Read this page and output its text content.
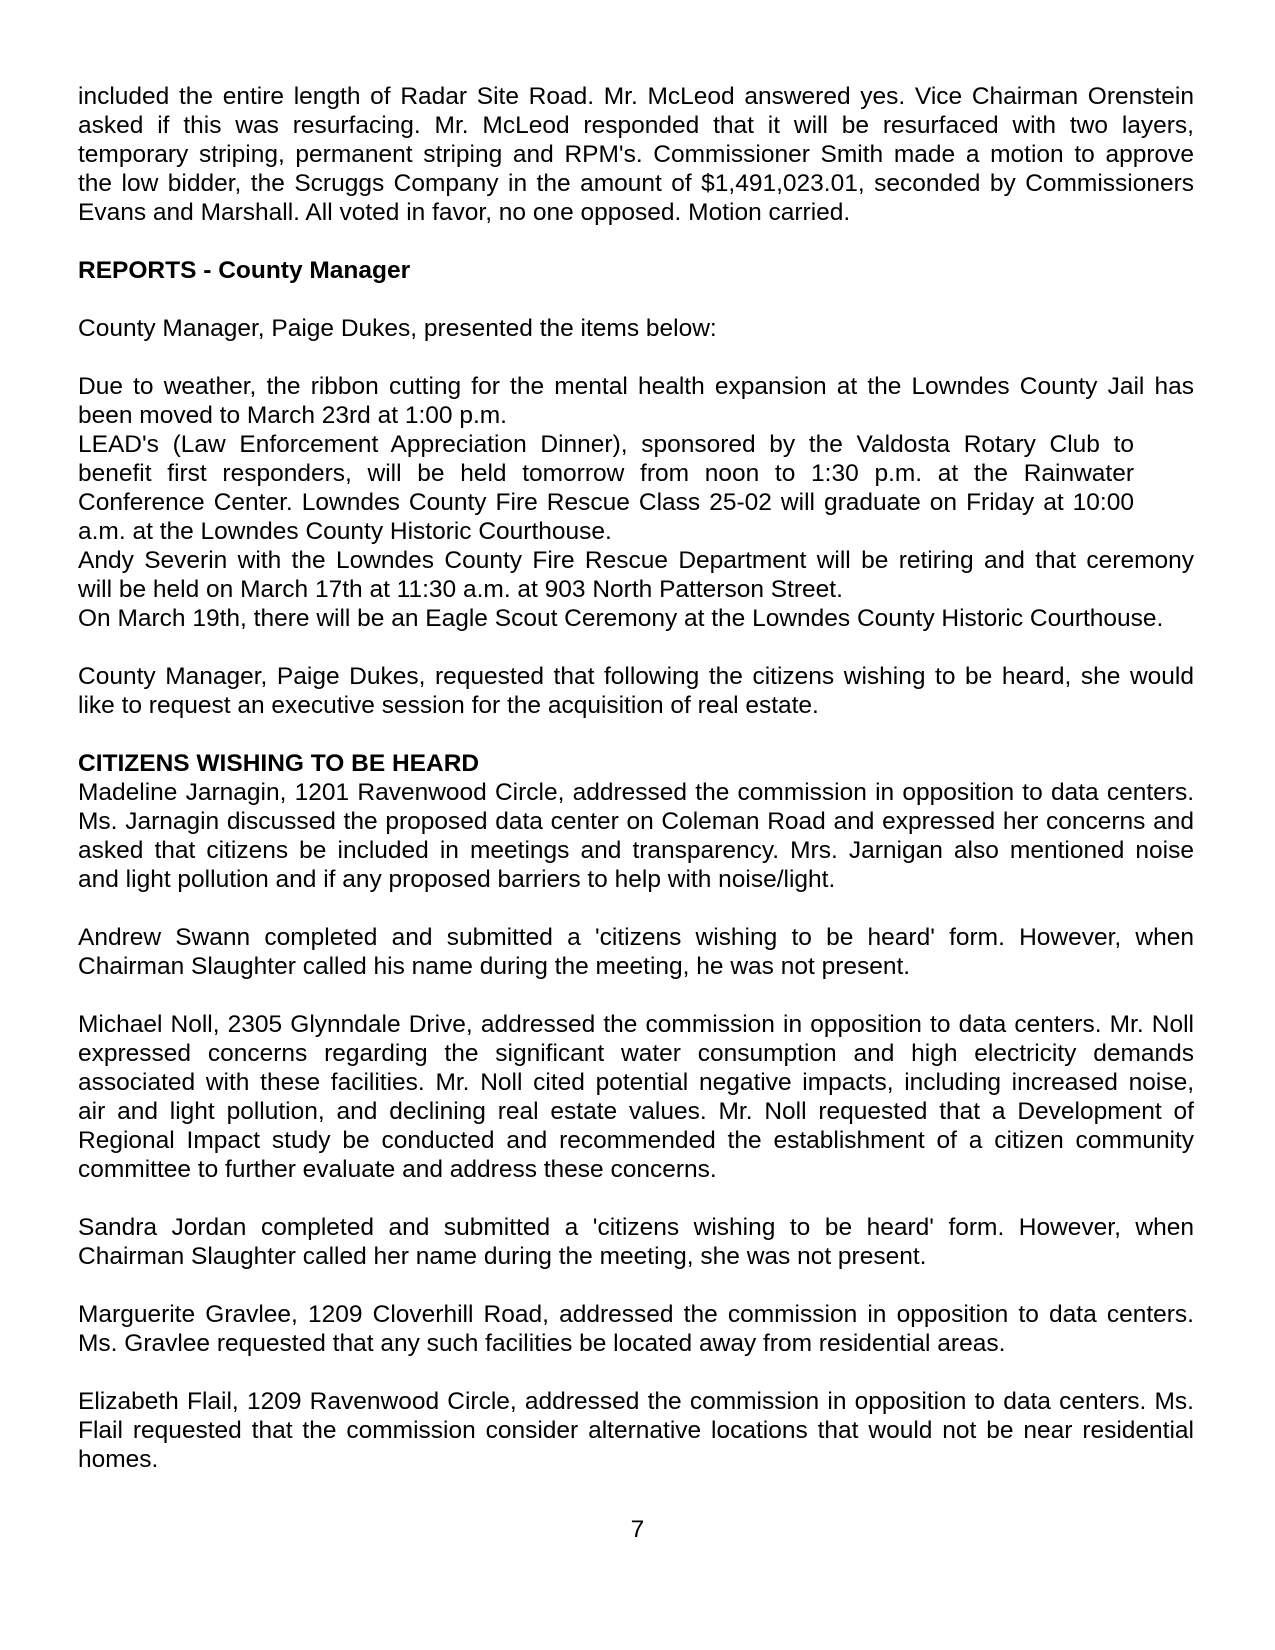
included the entire length of Radar Site Road. Mr. McLeod answered yes. Vice Chairman Orenstein
asked if this was resurfacing. Mr. McLeod responded that it will be resurfaced with two layers,
temporary striping, permanent striping and RPM's. Commissioner Smith made a motion to approve
the low bidder, the Scruggs Company in the amount of $1,491,023.01, seconded by Commissioners
Evans and Marshall. All voted in favor, no one opposed. Motion carried.
REPORTS - County Manager
County Manager, Paige Dukes, presented the items below:
Due to weather, the ribbon cutting for the mental health expansion at the Lowndes County Jail has
been moved to March 23rd at 1:00 p.m.
LEAD's (Law Enforcement Appreciation Dinner), sponsored by the Valdosta Rotary Club to
benefit first responders, will be held tomorrow from noon to 1:30 p.m. at the Rainwater
Conference Center. Lowndes County Fire Rescue Class 25-02 will graduate on Friday at 10:00
a.m. at the Lowndes County Historic Courthouse.
Andy Severin with the Lowndes County Fire Rescue Department will be retiring and that ceremony
will be held on March 17th at 11:30 a.m. at 903 North Patterson Street.
On March 19th, there will be an Eagle Scout Ceremony at the Lowndes County Historic Courthouse.
County Manager, Paige Dukes, requested that following the citizens wishing to be heard, she would
like to request an executive session for the acquisition of real estate.
CITIZENS WISHING TO BE HEARD
Madeline Jarnagin, 1201 Ravenwood Circle, addressed the commission in opposition to data centers.
Ms. Jarnagin discussed the proposed data center on Coleman Road and expressed her concerns and
asked that citizens be included in meetings and transparency. Mrs. Jarnigan also mentioned noise
and light pollution and if any proposed barriers to help with noise/light.
Andrew Swann completed and submitted a 'citizens wishing to be heard' form. However, when
Chairman Slaughter called his name during the meeting, he was not present.
Michael Noll, 2305 Glynndale Drive, addressed the commission in opposition to data centers. Mr. Noll
expressed concerns regarding the significant water consumption and high electricity demands
associated with these facilities. Mr. Noll cited potential negative impacts, including increased noise,
air and light pollution, and declining real estate values. Mr. Noll requested that a Development of
Regional Impact study be conducted and recommended the establishment of a citizen community
committee to further evaluate and address these concerns.
Sandra Jordan completed and submitted a 'citizens wishing to be heard' form. However, when
Chairman Slaughter called her name during the meeting, she was not present.
Marguerite Gravlee, 1209 Cloverhill Road, addressed the commission in opposition to data centers.
Ms. Gravlee requested that any such facilities be located away from residential areas.
Elizabeth Flail, 1209 Ravenwood Circle, addressed the commission in opposition to data centers. Ms.
Flail requested that the commission consider alternative locations that would not be near residential
homes.
7
